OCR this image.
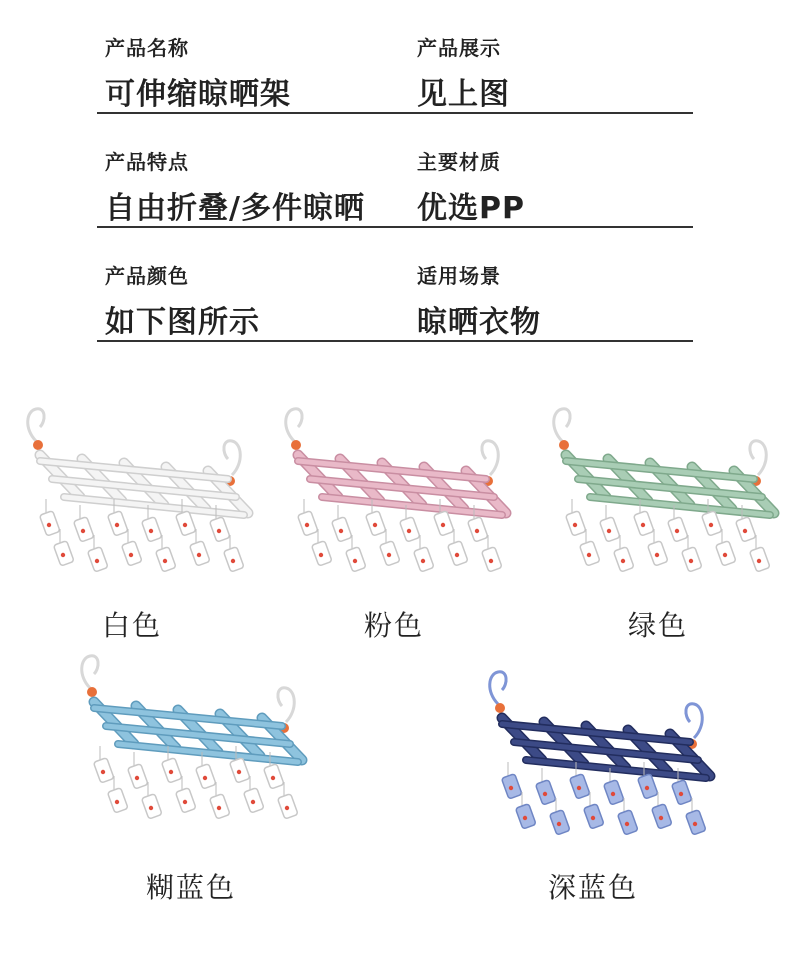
产品名称
可伸缩晾晒架
产品展示
见上图
产品特点
自由折叠/多件晾晒
主要材质
优选PP
产品颜色
如下图所示
适用场景
晾晒衣物
白色	粉色	绿色
糊蓝色	深蓝色
